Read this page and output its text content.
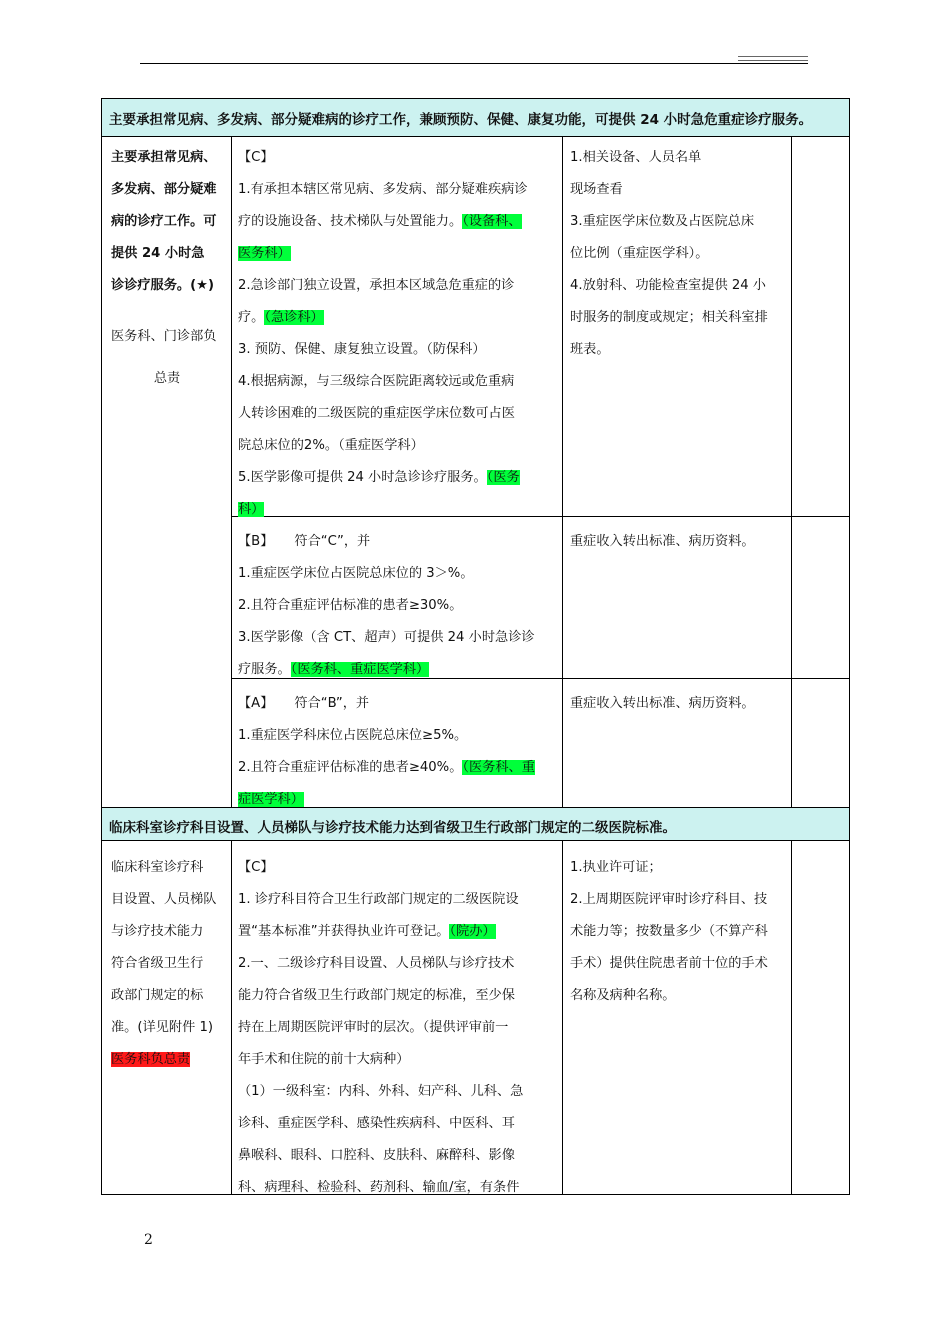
主要承担常见病、多发病、部分疑难病的诊疗工作，兼顾预防、保健、康复功能，可提供 24 小时急危重症诊疗服务。
临床科室诊疗科目设置、人员梯队与诊疗技术能力达到省级卫生行政部门规定的二级医院标准。

主要承担常见病、

多发病、部分疑难

病的诊疗工作。可

提供 24 小时急

诊诊疗服务。(★)

医务科、门诊部负

总责

【C】

1.有承担本辖区常见病、多发病、部分疑难疾病诊

疗的设施设备、技术梯队与处置能力。（设备科、

医务科）

2.急诊部门独立设置，承担本区域急危重症的诊

疗。（急诊科）

3. 预防、保健、康复独立设置。（防保科）

4.根据病源，与三级综合医院距离较远或危重病

人转诊困难的二级医院的重症医学床位数可占医

院总床位的2%。（重症医学科）

5.医学影像可提供 24 小时急诊诊疗服务。（医务

科）

1.相关设备、人员名单

现场查看

3.重症医学床位数及占医院总床

位比例（重症医学科）。

4.放射科、功能检查室提供 24 小

时服务的制度或规定；相关科室排

班表。

【B】     符合“C”，并

1.重症医学床位占医院总床位的 3＞%。

2.且符合重症评估标准的患者≥30%。

3.医学影像（含 CT、超声）可提供 24 小时急诊诊

疗服务。（医务科、重症医学科）

重症收入转出标准、病历资料。

【A】     符合“B”，并

1.重症医学科床位占医院总床位≥5%。

2.且符合重症评估标准的患者≥40%。（医务科、重

症医学科）

重症收入转出标准、病历资料。

临床科室诊疗科

目设置、人员梯队

与诊疗技术能力

符合省级卫生行

政部门规定的标

准。(详见附件 1)

医务科负总责

【C】

1. 诊疗科目符合卫生行政部门规定的二级医院设

置“基本标准”并获得执业许可登记。（院办）

2.一、二级诊疗科目设置、人员梯队与诊疗技术

能力符合省级卫生行政部门规定的标准，至少保

持在上周期医院评审时的层次。（提供评审前一

年手术和住院的前十大病种）

（1）一级科室：内科、外科、妇产科、儿科、急

诊科、重症医学科、感染性疾病科、中医科、耳

鼻喉科、眼科、口腔科、皮肤科、麻醉科、影像

科、病理科、检验科、药剂科、输血/室，有条件

1.执业许可证；

2.上周期医院评审时诊疗科目、技

术能力等；按数量多少（不算产科

手术）提供住院患者前十位的手术

名称及病种名称。

2
